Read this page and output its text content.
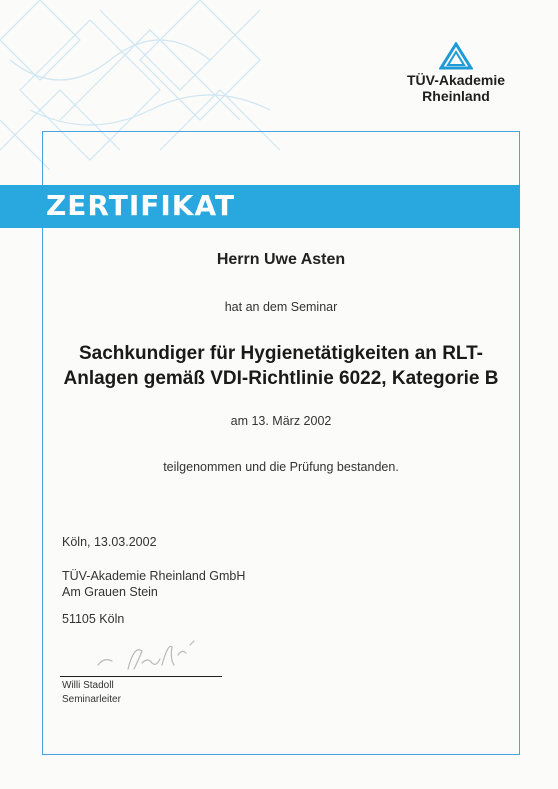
TÜV-Akademie
Rheinland
ZERTIFIKAT
Herrn Uwe Asten
hat an dem Seminar
Sachkundiger für Hygienetätigkeiten an RLT-
Anlagen gemäß VDI-Richtlinie 6022, Kategorie B
am 13. März 2002
teilgenommen und die Prüfung bestanden.
Köln, 13.03.2002
TÜV-Akademie Rheinland GmbH
Am Grauen Stein
51105 Köln
Willi Stadoll
Seminarleiter
